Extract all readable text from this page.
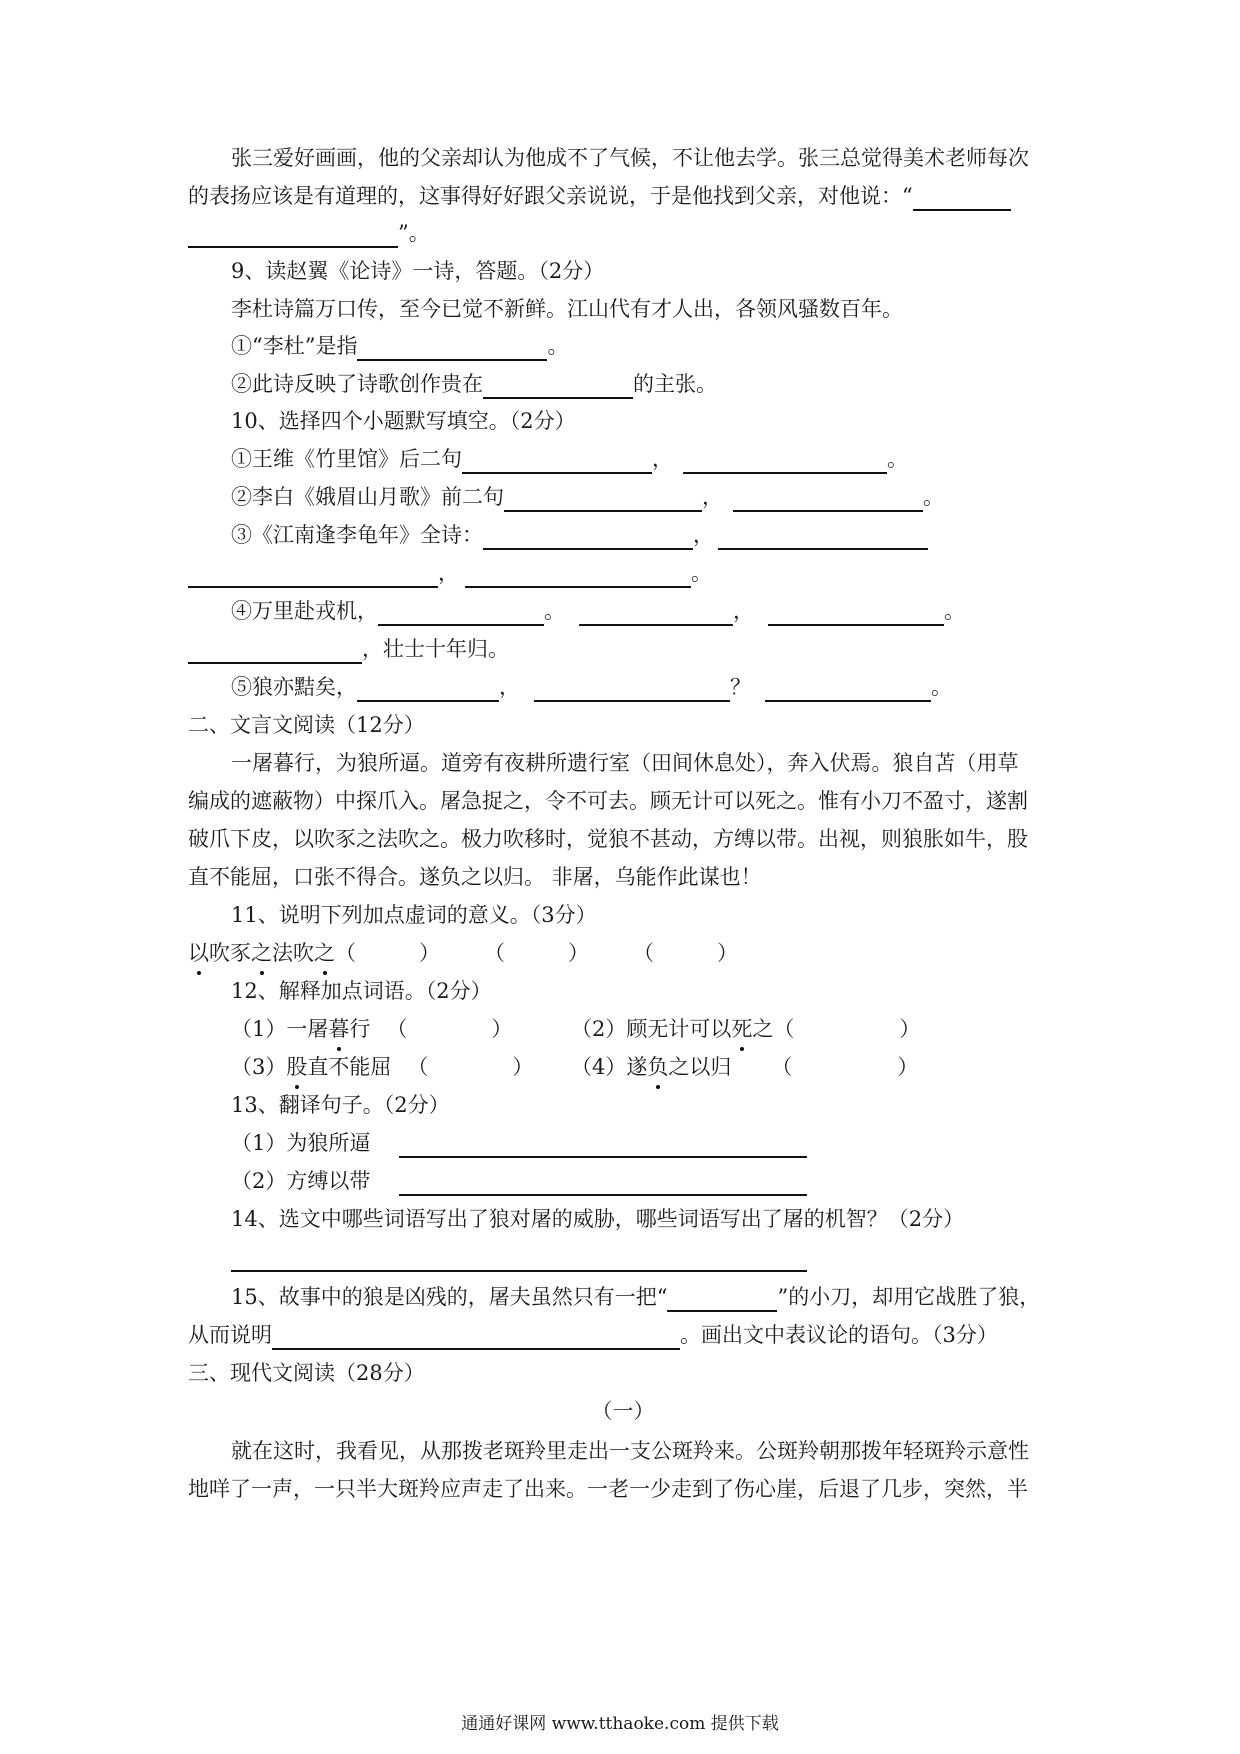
张三爱好画画，他的父亲却认为他成不了气候，不让他去学。张三总觉得美术老师每次
的表扬应该是有道理的，这事得好好跟父亲说说，于是他找到父亲，对他说：“
”。
9、读赵翼《论诗》一诗，答题。（2分）
李杜诗篇万口传，至今已觉不新鲜。江山代有才人出，各领风骚数百年。
①“李杜”是指	。
②此诗反映了诗歌创作贵在	的主张。
10、选择四个小题默写填空。（2分）
①王维《竹里馆》后二句	，	。
②李白《娥眉山月歌》前二句	，	。
③《江南逢李龟年》全诗：	，
，	。
④万里赴戎机，	。	，	。
，壮士十年归。
⑤狼亦黠矣，	，	？	。
二、文言文阅读（12分）
一屠暮行，为狼所逼。道旁有夜耕所遗行室（田间休息处），奔入伏焉。狼自苫（用草
编成的遮蔽物）中探爪入。屠急捉之，令不可去。顾无计可以死之。惟有小刀不盈寸，遂割
破爪下皮，以吹豕之法吹之。极力吹移时，觉狼不甚动，方缚以带。出视，则狼胀如牛，股
直不能屈，口张不得合。遂负之以归。 非屠，乌能作此谋也！
11、说明下列加点虚词的意义。（3分）
以吹豕之法吹之（　　　） （　　　） （　　　）
12、解释加点词语。（2分）
（1）一屠暮行 （　　　　）	（2）顾无计可以死之（　　　　　）
（3）股直不能屈 （　　　　） （4）遂负之以归 （　　　　　）
13、翻译句子。（2分）
（1）为狼所逼
（2）方缚以带
14、选文中哪些词语写出了狼对屠的威胁，哪些词语写出了屠的机智？（2分）
15、故事中的狼是凶残的，屠夫虽然只有一把“	”的小刀，却用它战胜了狼，
从而说明	。画出文中表议论的语句。（3分）
三、现代文阅读（28分）
（一）
就在这时，我看见，从那拨老斑羚里走出一支公斑羚来。公斑羚朝那拨年轻斑羚示意性
地咩了一声，一只半大斑羚应声走了出来。一老一少走到了伤心崖，后退了几步，突然，半
通通好课网 www.tthaoke.com 提供下载
